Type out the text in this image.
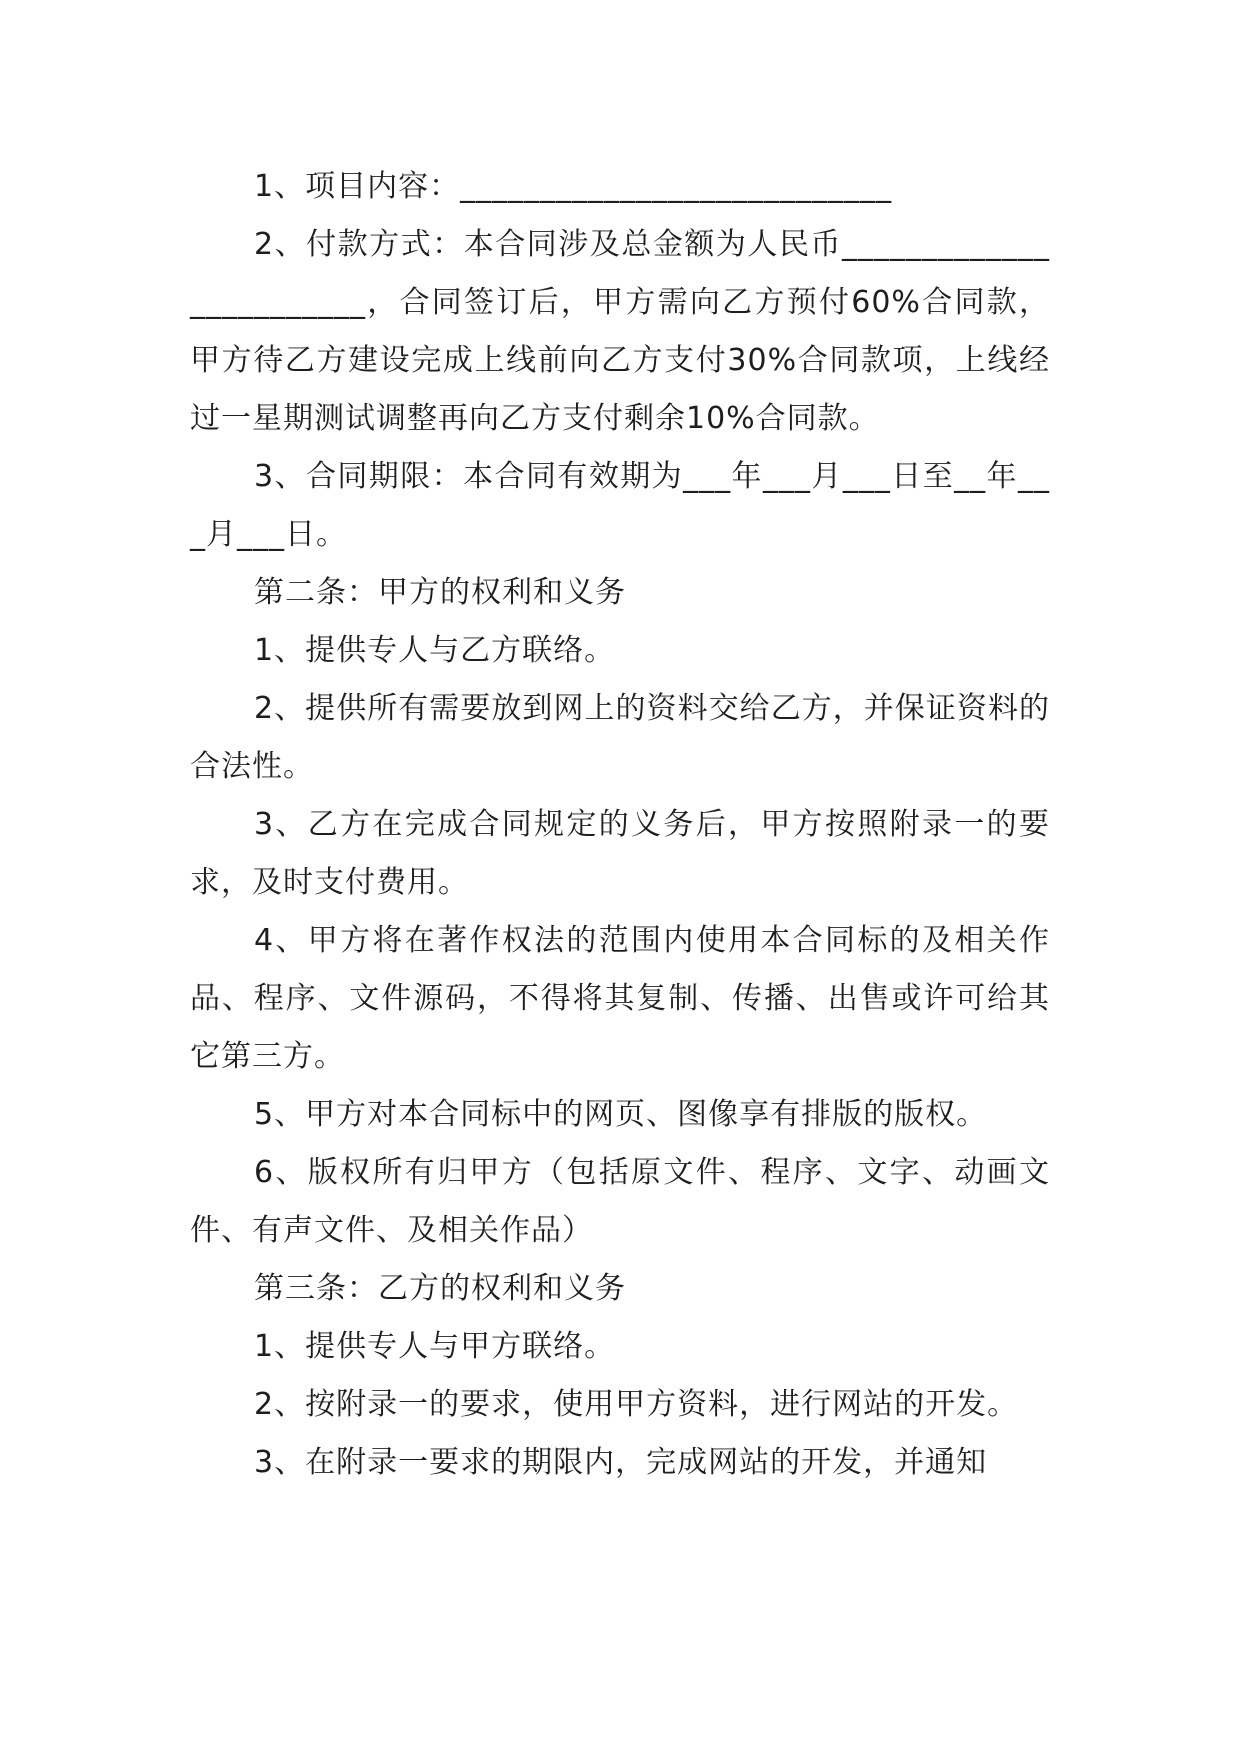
1、项目内容：___________________________

2、付款方式：本合同涉及总金额为人民币________________________，合同签订后，甲方需向乙方预付60%合同款，甲方待乙方建设完成上线前向乙方支付30%合同款项，上线经过一星期测试调整再向乙方支付剩余10%合同款。

3、合同期限：本合同有效期为___年___月___日至__年___月___日。

第二条：甲方的权利和义务

1、提供专人与乙方联络。

2、提供所有需要放到网上的资料交给乙方，并保证资料的合法性。

3、乙方在完成合同规定的义务后，甲方按照附录一的要求，及时支付费用。

4、甲方将在著作权法的范围内使用本合同标的及相关作品、程序、文件源码，不得将其复制、传播、出售或许可给其它第三方。

5、甲方对本合同标中的网页、图像享有排版的版权。

6、版权所有归甲方（包括原文件、程序、文字、动画文件、有声文件、及相关作品）

第三条：乙方的权利和义务

1、提供专人与甲方联络。

2、按附录一的要求，使用甲方资料，进行网站的开发。

3、在附录一要求的期限内，完成网站的开发，并通知
